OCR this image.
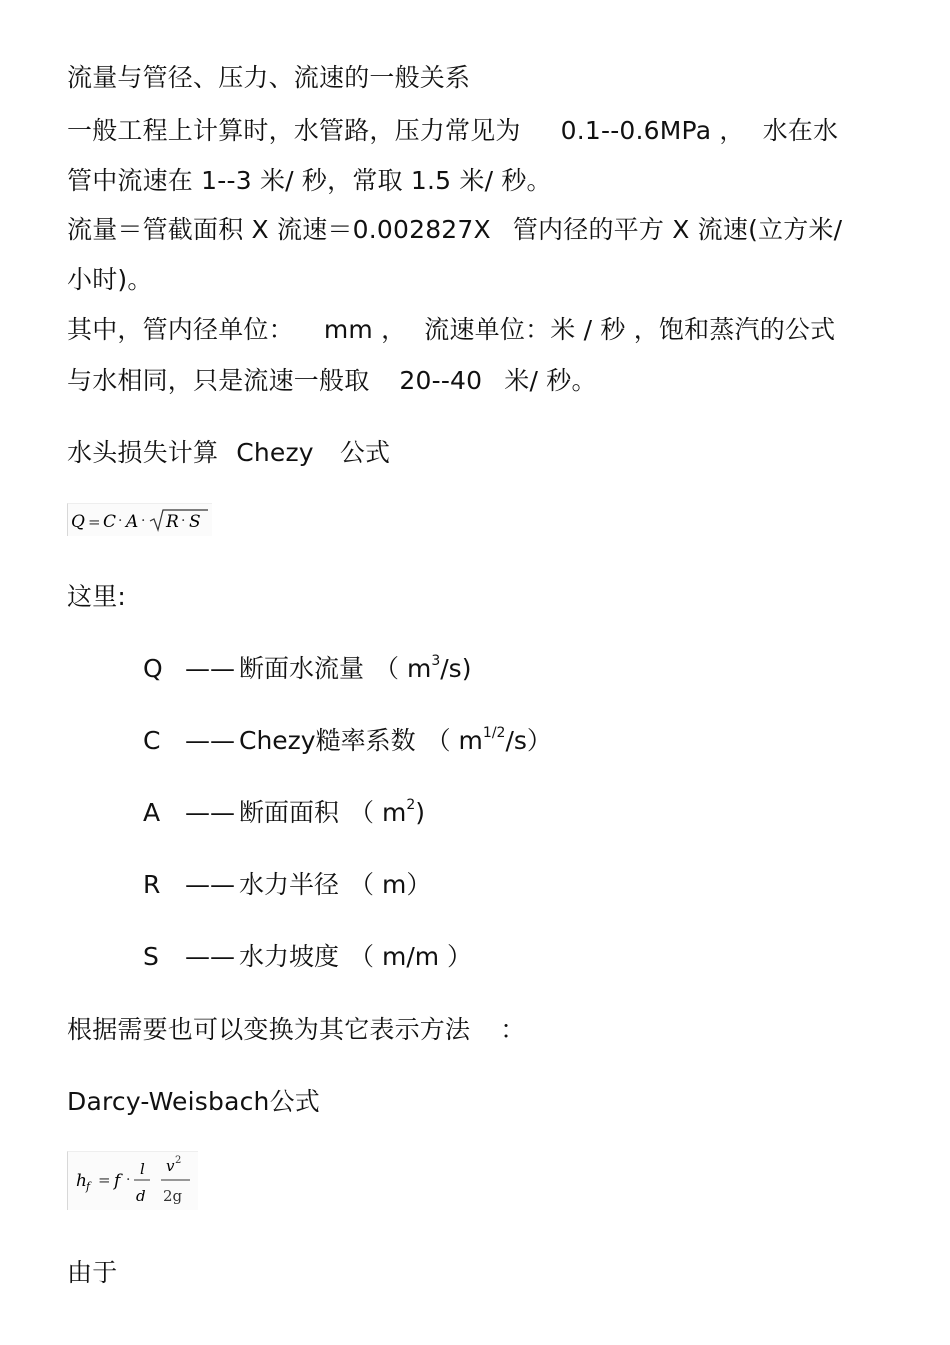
流量与管径、压力、流速的一般关系
一般工程上计算时，水管路，压力常见为 0.1--0.6MPa ， 水在水
管中流速在 1--3 米/ 秒，常取 1.5 米/ 秒。
流量＝管截面积 X 流速＝0.002827X 管内径的平方 X 流速(立方米/
小时)。
其中，管内径单位： mm ， 流速单位：米 / 秒 ，饱和蒸汽的公式
与水相同，只是流速一般取 20--40 米/ 秒。
水头损失计算 Chezy 公式
Q = C · A · R · S
这里:
Q —— 断面水流量 （ $m^3/s$)
C —— Chezy糙率系数 （ $m^{1/2}/s$）
A —— 断面面积 （ $m^2$)
R —— 水力半径 （ m）
S —— 水力坡度 （ m/m ）
根据需要也可以变换为其它表示方法 ：
Darcy-Weisbach公式
h f = f ·
l
d
v 2
2g
由于
